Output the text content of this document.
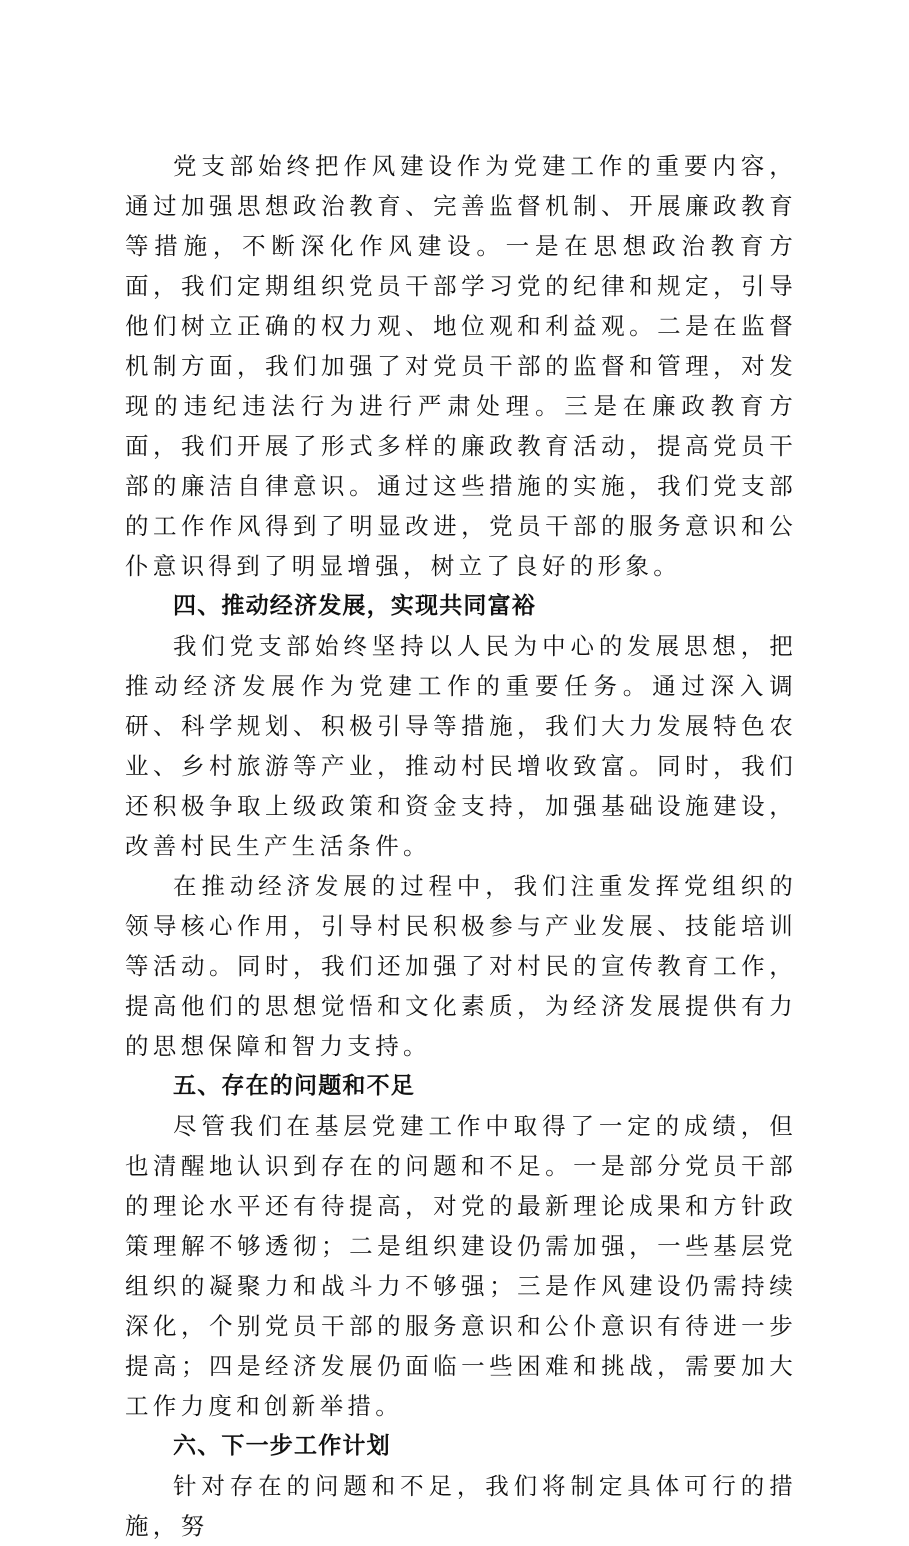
党支部始终把作风建设作为党建工作的重要内容，通过加强思想政治教育、完善监督机制、开展廉政教育等措施，不断深化作风建设。一是在思想政治教育方面，我们定期组织党员干部学习党的纪律和规定，引导他们树立正确的权力观、地位观和利益观。二是在监督机制方面，我们加强了对党员干部的监督和管理，对发现的违纪违法行为进行严肃处理。三是在廉政教育方面，我们开展了形式多样的廉政教育活动，提高党员干部的廉洁自律意识。通过这些措施的实施，我们党支部的工作作风得到了明显改进，党员干部的服务意识和公仆意识得到了明显增强，树立了良好的形象。

四、推动经济发展，实现共同富裕

我们党支部始终坚持以人民为中心的发展思想，把推动经济发展作为党建工作的重要任务。通过深入调研、科学规划、积极引导等措施，我们大力发展特色农业、乡村旅游等产业，推动村民增收致富。同时，我们还积极争取上级政策和资金支持，加强基础设施建设，改善村民生产生活条件。

在推动经济发展的过程中，我们注重发挥党组织的领导核心作用，引导村民积极参与产业发展、技能培训等活动。同时，我们还加强了对村民的宣传教育工作，提高他们的思想觉悟和文化素质，为经济发展提供有力的思想保障和智力支持。

五、存在的问题和不足

尽管我们在基层党建工作中取得了一定的成绩，但也清醒地认识到存在的问题和不足。一是部分党员干部的理论水平还有待提高，对党的最新理论成果和方针政策理解不够透彻；二是组织建设仍需加强，一些基层党组织的凝聚力和战斗力不够强；三是作风建设仍需持续深化，个别党员干部的服务意识和公仆意识有待进一步提高；四是经济发展仍面临一些困难和挑战，需要加大工作力度和创新举措。

六、下一步工作计划

针对存在的问题和不足，我们将制定具体可行的措施，努
